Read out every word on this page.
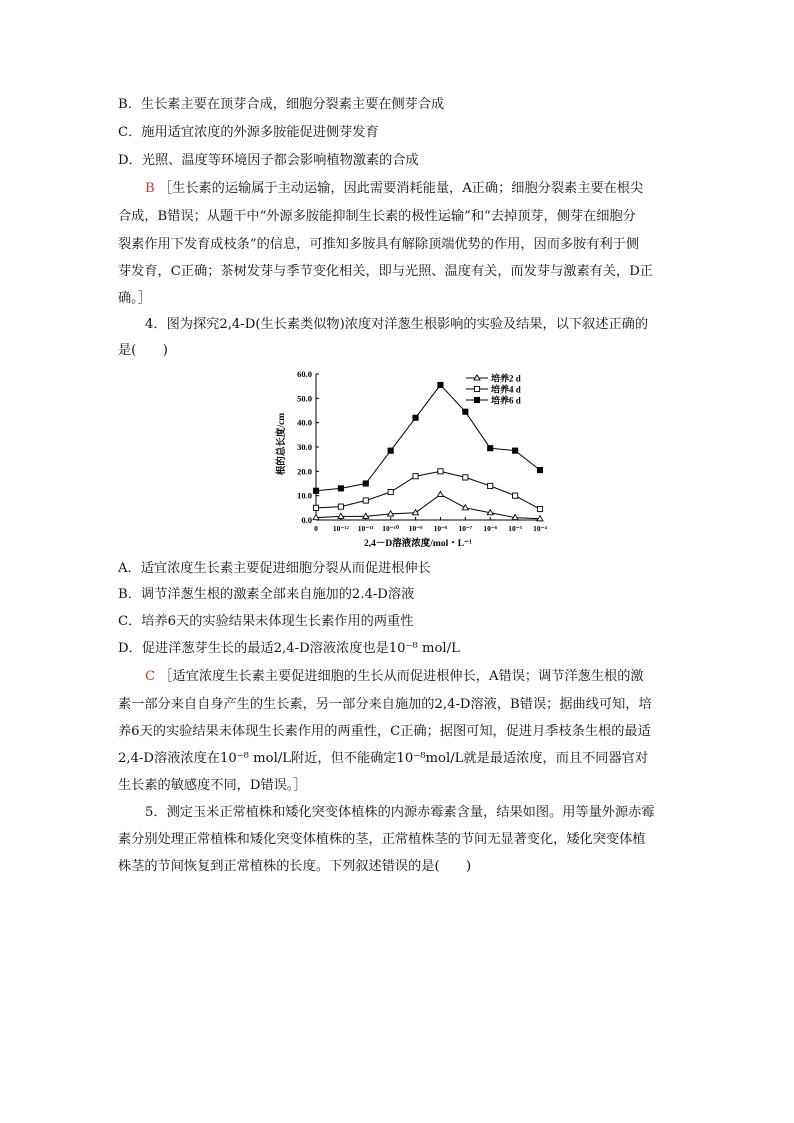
B．生长素主要在顶芽合成，细胞分裂素主要在侧芽合成
C．施用适宜浓度的外源多胺能促进侧芽发育
D．光照、温度等环境因子都会影响植物激素的合成
B ［生长素的运输属于主动运输，因此需要消耗能量，A正确；细胞分裂素主要在根尖
合成，B错误；从题干中“外源多胺能抑制生长素的极性运输”和“去掉顶芽，侧芽在细胞分
裂素作用下发育成枝条”的信息，可推知多胺具有解除顶端优势的作用，因而多胺有利于侧
芽发育，C正确；茶树发芽与季节变化相关，即与光照、温度有关，而发芽与激素有关，D正
确。］
4．图为探究2,4-D(生长素类似物)浓度对洋葱生根影响的实验及结果，以下叙述正确的
是(　　)
0.0
10.0
20.0
30.0
40.0
50.0
60.0
0 10⁻¹² 10⁻¹¹ 10⁻¹⁰ 10⁻⁹ 10⁻⁸ 10⁻⁷ 10⁻⁶ 10⁻⁵ 10⁻⁴
根的总长度/cm
2,4－D溶液浓度/mol・L⁻¹
培养2 d
培养4 d
培养6 d
A．适宜浓度生长素主要促进细胞分裂从而促进根伸长
B．调节洋葱生根的激素全部来自施加的2.4-D溶液
C．培养6天的实验结果未体现生长素作用的两重性
D．促进洋葱芽生长的最适2,4-D溶液浓度也是10⁻⁸ mol/L
C ［适宜浓度生长素主要促进细胞的生长从而促进根伸长，A错误；调节洋葱生根的激
素一部分来自自身产生的生长素，另一部分来自施加的2,4-D溶液，B错误；据曲线可知，培
养6天的实验结果未体现生长素作用的两重性，C正确；据图可知，促进月季枝条生根的最适
2,4-D溶液浓度在10⁻⁸ mol/L附近，但不能确定10⁻⁸mol/L就是最适浓度，而且不同器官对
生长素的敏感度不同，D错误。］
5．测定玉米正常植株和矮化突变体植株的内源赤霉素含量，结果如图。用等量外源赤霉
素分别处理正常植株和矮化突变体植株的茎，正常植株茎的节间无显著变化，矮化突变体植
株茎的节间恢复到正常植株的长度。下列叙述错误的是(　　)
